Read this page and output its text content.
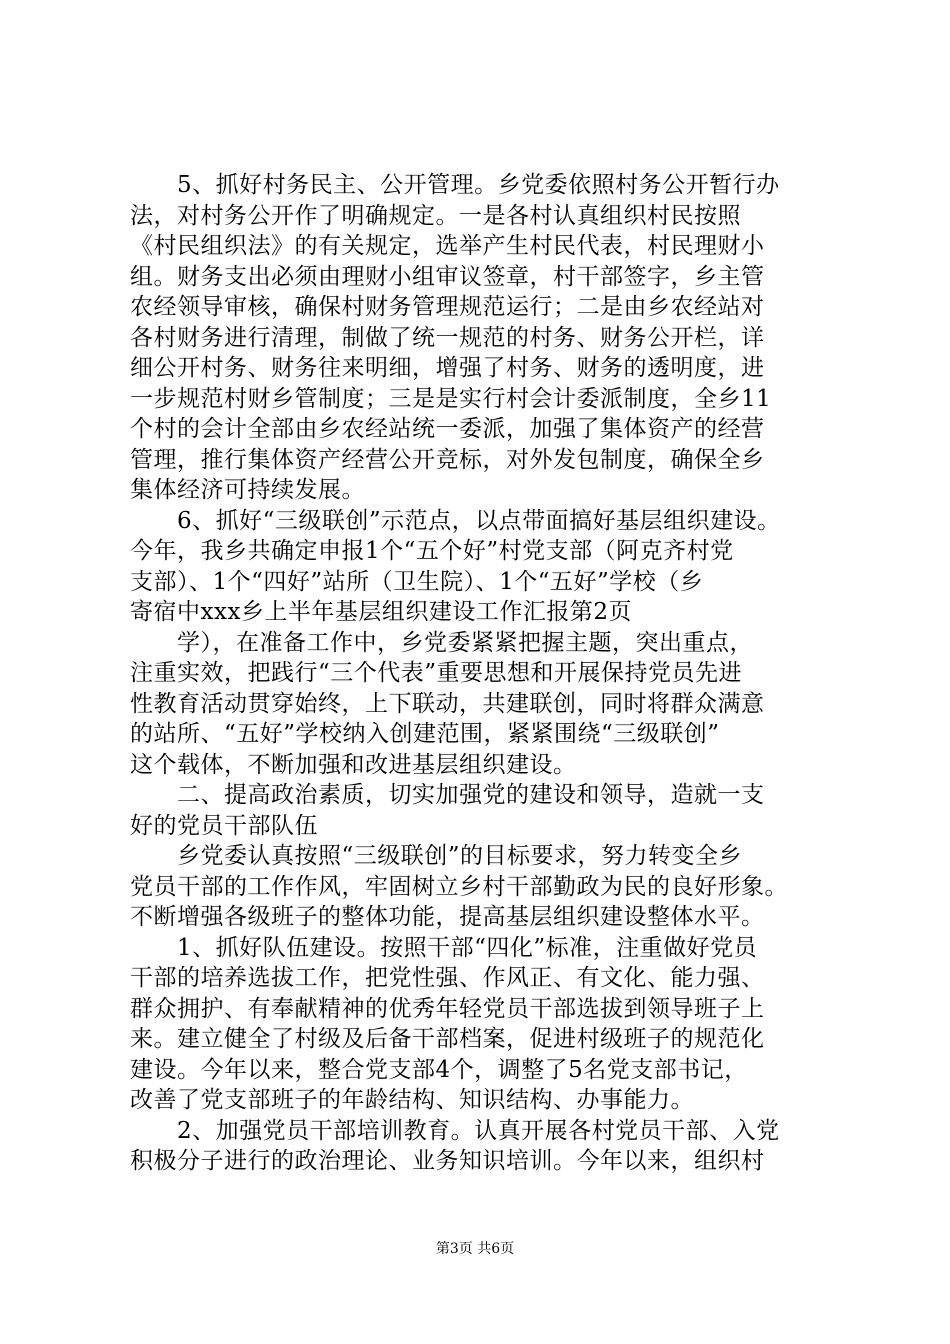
　　5、抓好村务民主、公开管理。乡党委依照村务公开暂行办
法，对村务公开作了明确规定。一是各村认真组织村民按照
《村民组织法》的有关规定，选举产生村民代表，村民理财小
组。财务支出必须由理财小组审议签章，村干部签字，乡主管
农经领导审核，确保村财务管理规范运行；二是由乡农经站对
各村财务进行清理，制做了统一规范的村务、财务公开栏，详
细公开村务、财务往来明细，增强了村务、财务的透明度，进
一步规范村财乡管制度；三是是实行村会计委派制度，全乡11
个村的会计全部由乡农经站统一委派，加强了集体资产的经营
管理，推行集体资产经营公开竞标，对外发包制度，确保全乡
集体经济可持续发展。
　　6、抓好“三级联创”示范点，以点带面搞好基层组织建设。
今年，我乡共确定申报1个“五个好”村党支部（阿克齐村党
支部）、1个“四好”站所（卫生院）、1个“五好”学校（乡
寄宿中xxx乡上半年基层组织建设工作汇报第2页
　　学），在准备工作中，乡党委紧紧把握主题，突出重点，
注重实效，把践行“三个代表”重要思想和开展保持党员先进
性教育活动贯穿始终，上下联动，共建联创，同时将群众满意
的站所、“五好”学校纳入创建范围，紧紧围绕“三级联创”
这个载体，不断加强和改进基层组织建设。
　　二、提高政治素质，切实加强党的建设和领导，造就一支
好的党员干部队伍
　　乡党委认真按照“三级联创”的目标要求，努力转变全乡
党员干部的工作作风，牢固树立乡村干部勤政为民的良好形象。
不断增强各级班子的整体功能，提高基层组织建设整体水平。
　　1、抓好队伍建设。按照干部“四化”标准，注重做好党员
干部的培养选拔工作，把党性强、作风正、有文化、能力强、
群众拥护、有奉献精神的优秀年轻党员干部选拔到领导班子上
来。建立健全了村级及后备干部档案，促进村级班子的规范化
建设。今年以来，整合党支部4个，调整了5名党支部书记，
改善了党支部班子的年龄结构、知识结构、办事能力。
　　2、加强党员干部培训教育。认真开展各村党员干部、入党
积极分子进行的政治理论、业务知识培训。今年以来，组织村
第3页 共6页
